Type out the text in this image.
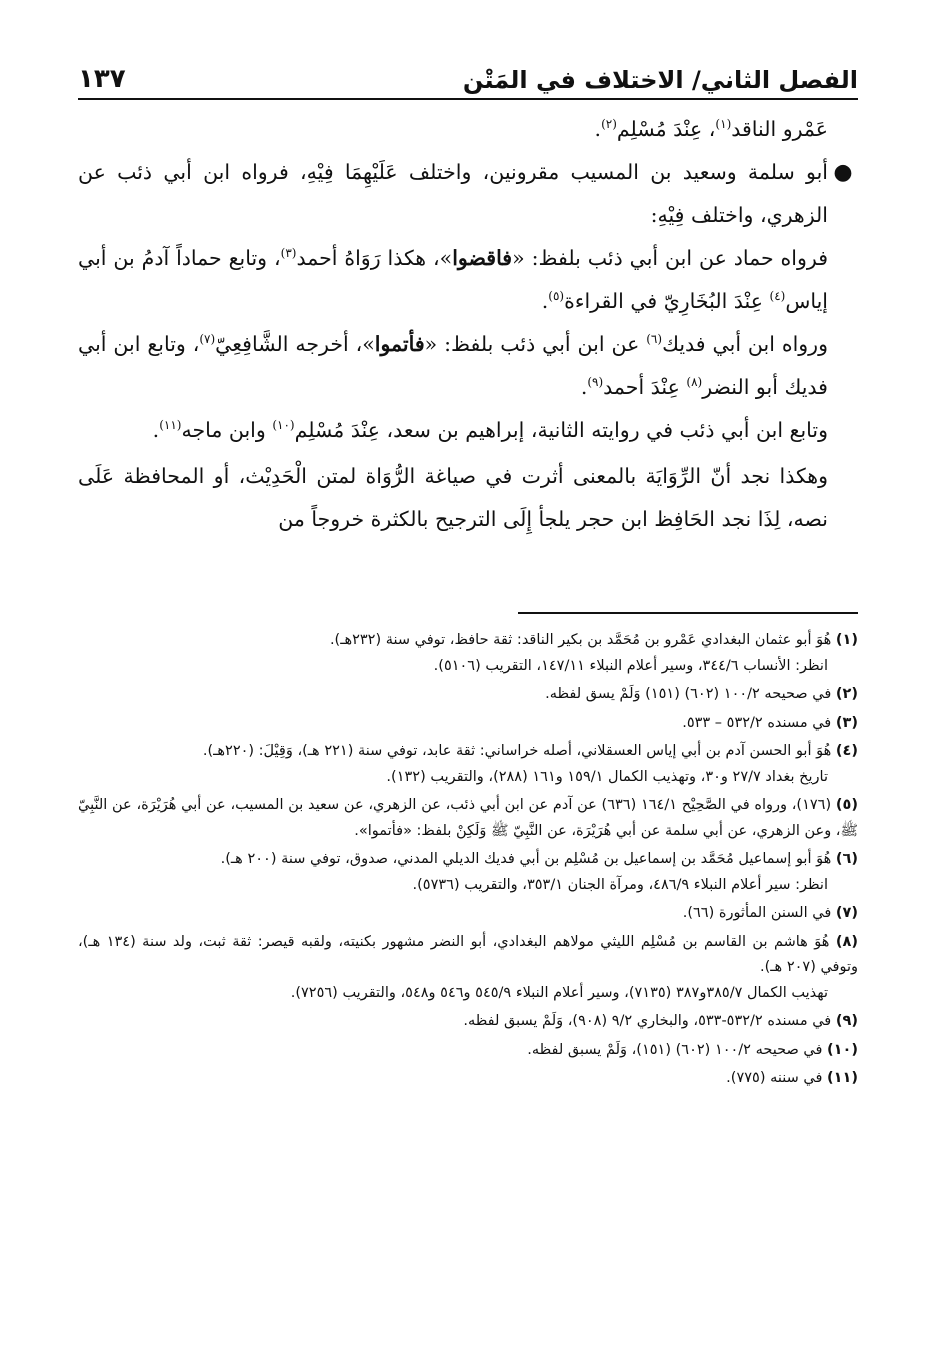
الفصل الثاني/ الاختلاف في المَتْن
١٣٧

عَمْرو الناقد$^{(١)}$، عِنْدَ مُسْلِم$^{(٢)}$.

●

أبو سلمة وسعيد بن المسيب مقرونين، واختلف عَلَيْهِمَا فِيْهِ، فرواه ابن أبي ذئب عن الزهري، واختلف فِيْهِ:

فرواه حماد عن ابن أبي ذئب بلفظ: «فاقضوا»، هكذا رَوَاهُ أحمد$^{(٣)}$، وتابع حماداً آدمُ بن أبي إياس$^{(٤)}$ عِنْدَ البُخَارِيّ في القراءة$^{(٥)}$.

ورواه ابن أبي فديك$^{(٦)}$ عن ابن أبي ذئب بلفظ: «فأتموا»، أخرجه الشَّافِعِيّ$^{(٧)}$، وتابع ابن أبي فديك أبو النضر$^{(٨)}$ عِنْدَ أحمد$^{(٩)}$.

وتابع ابن أبي ذئب في روايته الثانية، إبراهيم بن سعد، عِنْدَ مُسْلِم$^{(١٠)}$ وابن ماجه$^{(١١)}$.

وهكذا نجد أنّ الرِّوَايَة بالمعنى أثرت في صياغة الرُّوَاة لمتن الْحَدِيْث، أو المحافظة عَلَى نصه، لِذَا نجد الحَافِظ ابن حجر يلجأ إِلَى الترجيح بالكثرة خروجاً من

(١) هُوَ أبو عثمان البغدادي عَمْرو بن مُحَمَّد بن بكير الناقد: ثقة حافظ، توفي سنة (٢٣٢هـ).
انظر: الأنساب ٣٤٤/٦، وسير أعلام النبلاء ١٤٧/١١، التقريب (٥١٠٦).

(٢) في صحيحه ١٠٠/٢ (٦٠٢) (١٥١) وَلَمْ يسق لفظه.

(٣) في مسنده ٥٣٢/٢ – ٥٣٣.

(٤) هُوَ أبو الحسن آدم بن أبي إياس العسقلاني، أصله خراساني: ثقة عابد، توفي سنة (٢٢١ هـ)، وَقِيْلَ: (٢٢٠هـ).
تاريخ بغداد ٢٧/٧ و٣٠، وتهذيب الكمال ١٥٩/١ و١٦١ (٢٨٨)، والتقريب (١٣٢).

(٥) (١٧٦)، ورواه في الصَّحِيْح ١٦٤/١ (٦٣٦) عن آدم عن ابن أبي ذئب، عن الزهري، عن سعيد بن المسيب، عن أبي هُرَيْرَة، عن النَّبِيّ ﷺ، وعن الزهري، عن أبي سلمة عن أبي هُرَيْرَة، عن النَّبِيّ ﷺ وَلَكِنْ بلفظ: «فأتموا».

(٦) هُوَ أبو إسماعيل مُحَمَّد بن إسماعيل بن مُسْلِم بن أبي فديك الديلي المدني، صدوق، توفي سنة (٢٠٠ هـ).
انظر: سير أعلام النبلاء ٤٨٦/٩، ومرآة الجنان ٣٥٣/١، والتقريب (٥٧٣٦).

(٧) في السنن المأثورة (٦٦).

(٨) هُوَ هاشم بن القاسم بن مُسْلِم الليثي مولاهم البغدادي، أبو النضر مشهور بكنيته، ولقبه قيصر: ثقة ثبت، ولد سنة (١٣٤ هـ)، وتوفي (٢٠٧ هـ).
تهذيب الكمال ٣٨٥/٧و٣٨٧ (٧١٣٥)، وسير أعلام النبلاء ٥٤٥/٩ و٥٤٦ و٥٤٨، والتقريب (٧٢٥٦).

(٩) في مسنده ٥٣٢/٢-٥٣٣، والبخاري ٩/٢ (٩٠٨)، وَلَمْ يسبق لفظه.

(١٠) في صحيحه ١٠٠/٢ (٦٠٢) (١٥١)، وَلَمْ يسبق لفظه.

(١١) في سننه (٧٧٥).
